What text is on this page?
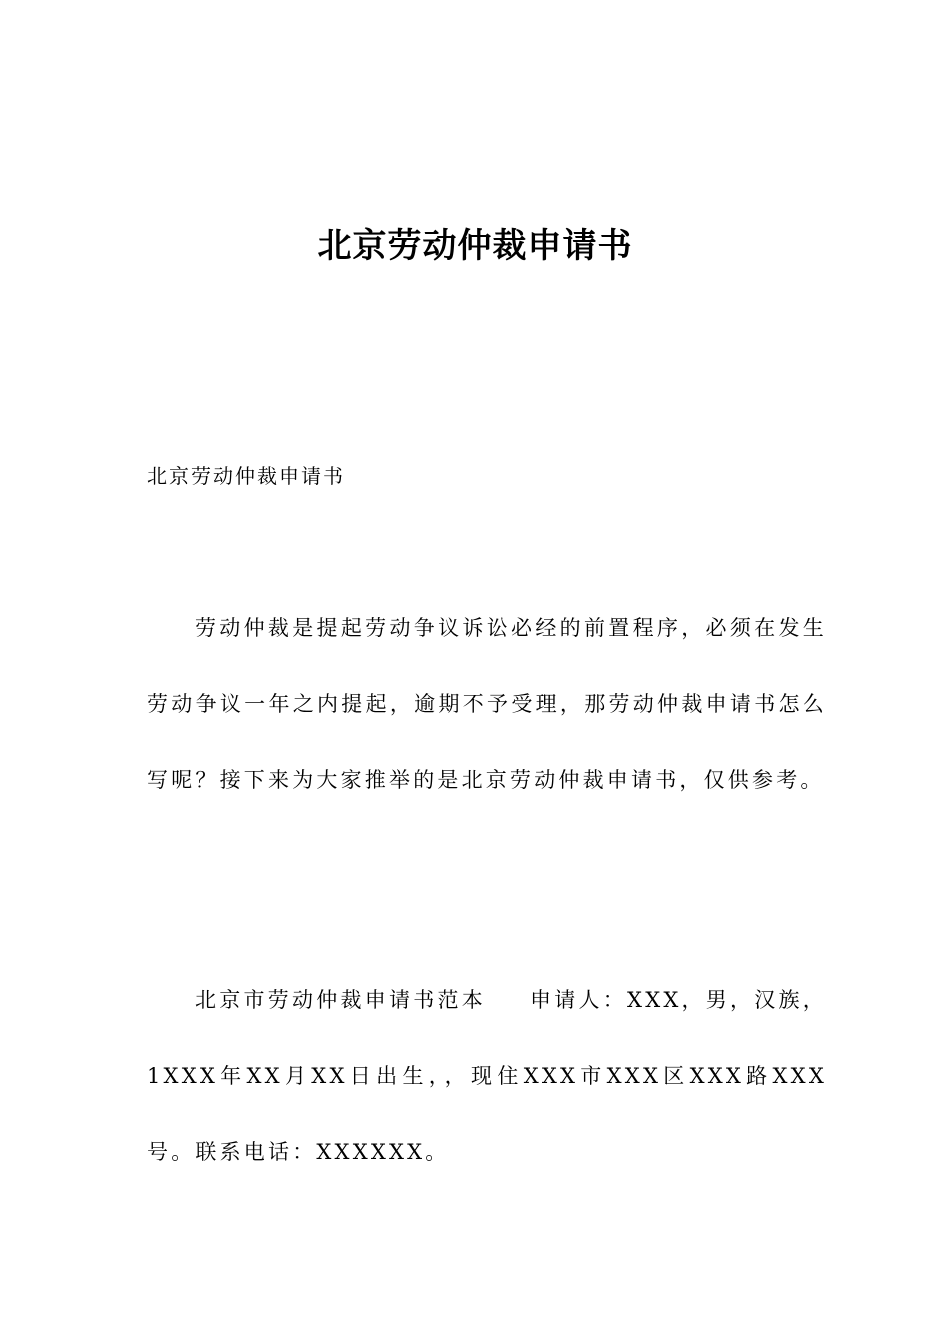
北京劳动仲裁申请书

北京劳动仲裁申请书

劳动仲裁是提起劳动争议诉讼必经的前置程序，必须在发生劳动争议一年之内提起，逾期不予受理，那劳动仲裁申请书怎么写呢？接下来为大家推举的是北京劳动仲裁申请书，仅供参考。

北京市劳动仲裁申请书范本 申请人：XXX，男，汉族，1XXX年XX月XX日出生，，现住XXX市XXX区XXX路XXX号。联系电话：XXXXXX。
